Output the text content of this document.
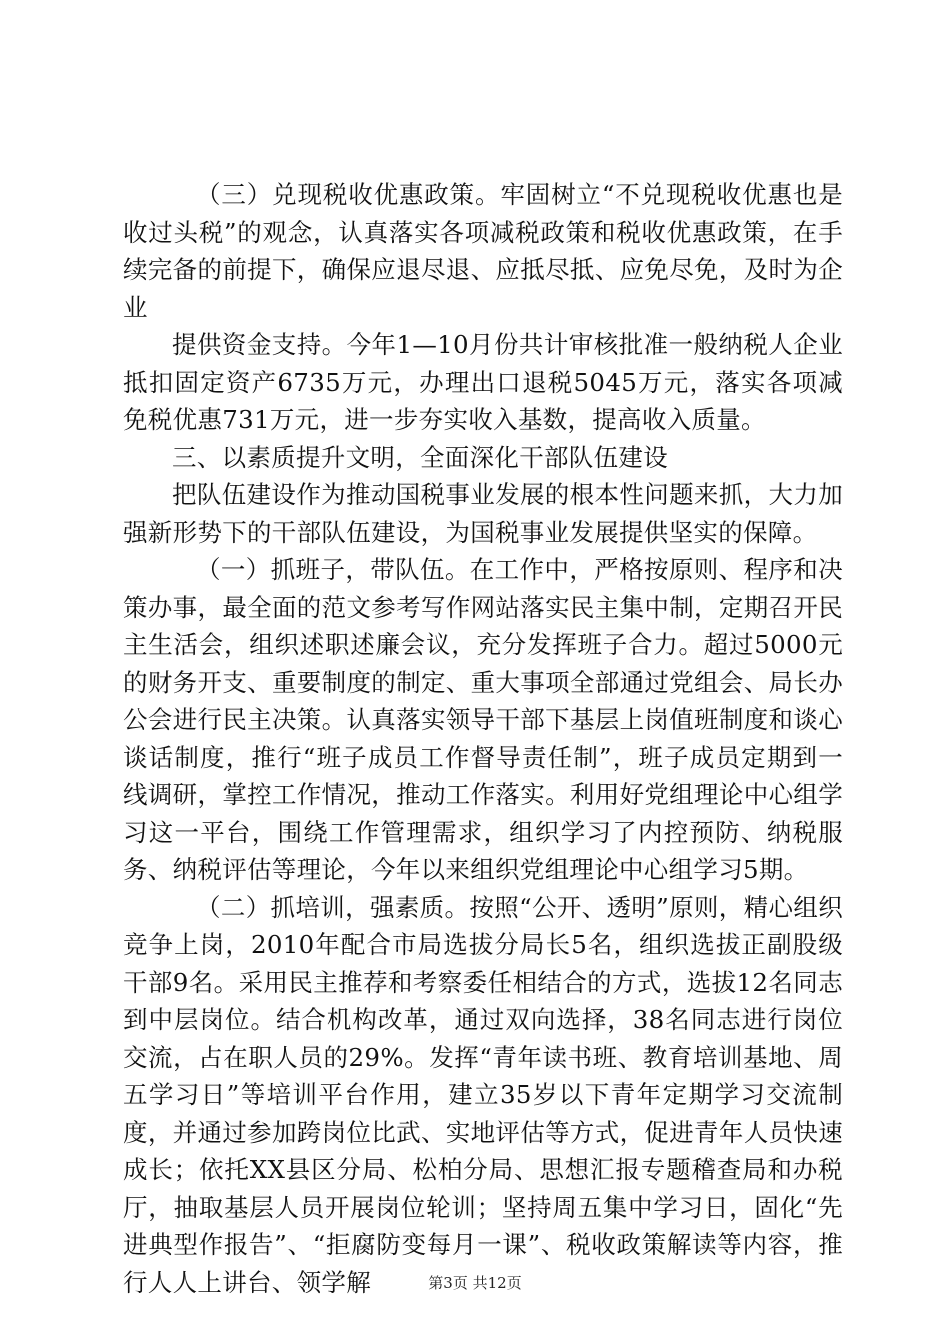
（三）兑现税收优惠政策。牢固树立“不兑现税收优惠也是收过头税”的观念，认真落实各项减税政策和税收优惠政策，在手续完备的前提下，确保应退尽退、应抵尽抵、应免尽免，及时为企业

提供资金支持。今年1—10月份共计审核批准一般纳税人企业抵扣固定资产6735万元，办理出口退税5045万元，落实各项减免税优惠731万元，进一步夯实收入基数，提高收入质量。

三、以素质提升文明，全面深化干部队伍建设

把队伍建设作为推动国税事业发展的根本性问题来抓，大力加强新形势下的干部队伍建设，为国税事业发展提供坚实的保障。

（一）抓班子，带队伍。在工作中，严格按原则、程序和决策办事，最全面的范文参考写作网站落实民主集中制，定期召开民主生活会，组织述职述廉会议，充分发挥班子合力。超过5000元的财务开支、重要制度的制定、重大事项全部通过党组会、局长办公会进行民主决策。认真落实领导干部下基层上岗值班制度和谈心谈话制度，推行“班子成员工作督导责任制”，班子成员定期到一线调研，掌控工作情况，推动工作落实。利用好党组理论中心组学习这一平台，围绕工作管理需求，组织学习了内控预防、纳税服务、纳税评估等理论，今年以来组织党组理论中心组学习5期。

（二）抓培训，强素质。按照“公开、透明”原则，精心组织竞争上岗，2010年配合市局选拔分局长5名，组织选拔正副股级干部9名。采用民主推荐和考察委任相结合的方式，选拔12名同志到中层岗位。结合机构改革，通过双向选择，38名同志进行岗位交流，占在职人员的29%。发挥“青年读书班、教育培训基地、周五学习日”等培训平台作用，建立35岁以下青年定期学习交流制度，并通过参加跨岗位比武、实地评估等方式，促进青年人员快速成长；依托XX县区分局、松柏分局、思想汇报专题稽查局和办税厅，抽取基层人员开展岗位轮训；坚持周五集中学习日，固化“先进典型作报告”、“拒腐防变每月一课”、税收政策解读等内容，推行人人上讲台、领学解	第3页 共12页
